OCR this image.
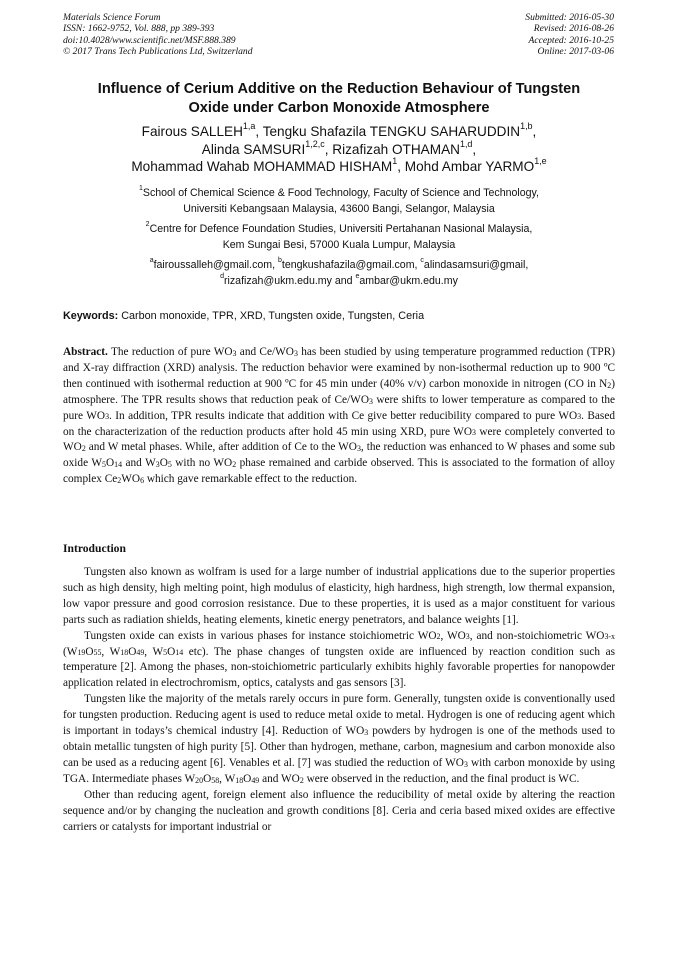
Materials Science Forum
ISSN: 1662-9752, Vol. 888, pp 389-393
doi:10.4028/www.scientific.net/MSF.888.389
© 2017 Trans Tech Publications Ltd, Switzerland
Submitted: 2016-05-30
Revised: 2016-08-26
Accepted: 2016-10-25
Online: 2017-03-06
Influence of Cerium Additive on the Reduction Behaviour of Tungsten
Oxide under Carbon Monoxide Atmosphere
Fairous SALLEH$^{1,a}$, Tengku Shafazila TENGKU SAHARUDDIN$^{1,b}$,
Alinda SAMSURI$^{1,2,c}$, Rizafizah OTHAMAN$^{1,d}$,
Mohammad Wahab MOHAMMAD HISHAM$^1$, Mohd Ambar YARMO$^{1,e}$
$^1$School of Chemical Science & Food Technology, Faculty of Science and Technology,
Universiti Kebangsaan Malaysia, 43600 Bangi, Selangor, Malaysia
$^2$Centre for Defence Foundation Studies, Universiti Pertahanan Nasional Malaysia,
Kem Sungai Besi, 57000 Kuala Lumpur, Malaysia
$^a$fairoussalleh@gmail.com, $^b$tengkushafazila@gmail.com, $^c$alindasamsuri@gmail,
$^d$rizafizah@ukm.edu.my and $^e$ambar@ukm.edu.my
Keywords: Carbon monoxide, TPR, XRD, Tungsten oxide, Tungsten, Ceria

Abstract. The reduction of pure $WO_3$ and $Ce/WO_3$ has been studied by using temperature programmed reduction (TPR) and X-ray diffraction (XRD) analysis. The reduction behavior were examined by non-isothermal reduction up to 900 ºC then continued with isothermal reduction at 900 ºC for 45 min under (40% v/v) carbon monoxide in nitrogen (CO in $N_2$) atmosphere. The TPR results shows that reduction peak of $Ce/WO_3$ were shifts to lower temperature as compared to the pure $WO_3$. In addition, TPR results indicate that addition with Ce give better reducibility compared to pure $WO_3$. Based on the characterization of the reduction products after hold 45 min using XRD, pure $WO_3$ were completely converted to $WO_2$ and W metal phases. While, after addition of Ce to the $WO_3$, the reduction was enhanced to W phases and some sub oxide $W_5O_{14}$ and $W_3O_5$ with no $WO_2$ phase remained and carbide observed. This is associated to the formation of alloy complex $Ce_2WO_6$ which gave remarkable effect to the reduction.

Introduction

Tungsten also known as wolfram is used for a large number of industrial applications due to the superior properties such as high density, high melting point, high modulus of elasticity, high hardness, high strength, low thermal expansion, low vapor pressure and good corrosion resistance. Due to these properties, it is used as a major constituent for various parts such as radiation shields, heating elements, kinetic energy penetrators, and balance weights [1].

Tungsten oxide can exists in various phases for instance stoichiometric $WO_2$, $WO_3$, and non-stoichiometric $WO_{3-x}$ ($W_{19}O_{55}$, $W_{18}O_{49}$, $W_5O_{14}$ etc). The phase changes of tungsten oxide are influenced by reaction condition such as temperature [2]. Among the phases, non-stoichiometric particularly exhibits highly favorable properties for nanopowder application related in electrochromism, optics, catalysts and gas sensors [3].

Tungsten like the majority of the metals rarely occurs in pure form. Generally, tungsten oxide is conventionally used for tungsten production. Reducing agent is used to reduce metal oxide to metal. Hydrogen is one of reducing agent which is important in todays’s chemical industry [4]. Reduction of $WO_3$ powders by hydrogen is one of the methods used to obtain metallic tungsten of high purity [5]. Other than hydrogen, methane, carbon, magnesium and carbon monoxide also can be used as a reducing agent [6]. Venables et al. [7] was studied the reduction of $WO_3$ with carbon monoxide by using TGA. Intermediate phases $W_{20}O_{58}$, $W_{18}O_{49}$ and $WO_2$ were observed in the reduction, and the final product is WC.

Other than reducing agent, foreign element also influence the reducibility of metal oxide by altering the reaction sequence and/or by changing the nucleation and growth conditions [8]. Ceria and ceria based mixed oxides are effective carriers or catalysts for important industrial or
